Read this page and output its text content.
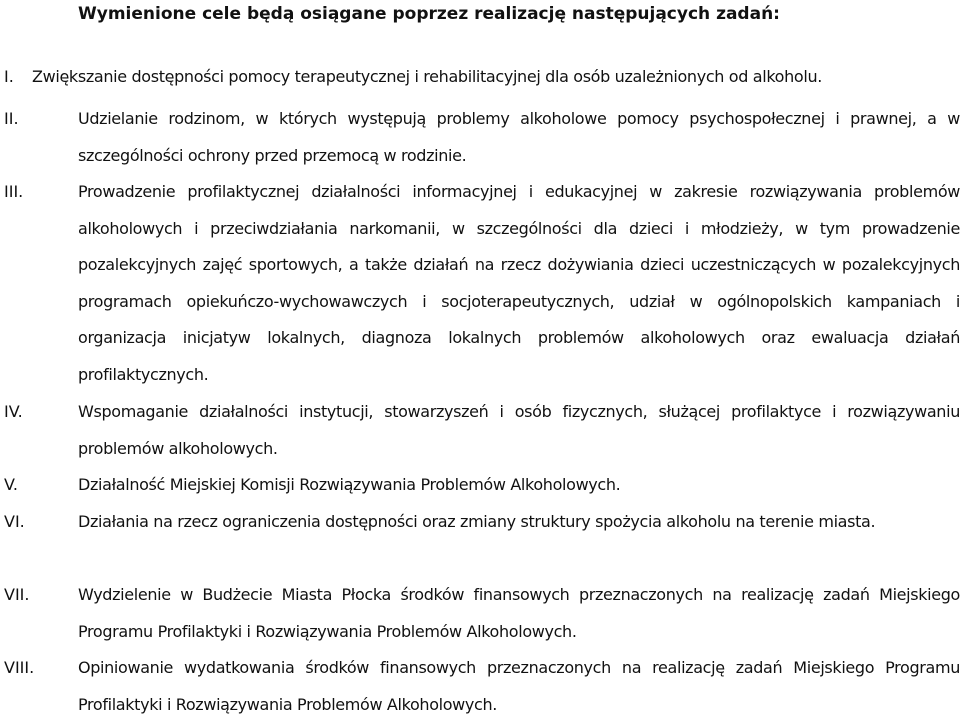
Wymienione cele będą osiągane poprzez realizację następujących zadań:
I. Zwiększanie dostępności pomocy terapeutycznej i rehabilitacyjnej dla osób uzależnionych od alkoholu.
II.	Udzielanie rodzinom, w których występują problemy alkoholowe pomocy psychospołecznej i prawnej, a w szczególności ochrony przed przemocą w rodzinie.
III.	Prowadzenie profilaktycznej działalności informacyjnej i edukacyjnej w zakresie rozwiązywania problemów alkoholowych i przeciwdziałania narkomanii, w szczególności dla dzieci i młodzieży, w tym prowadzenie pozalekcyjnych zajęć sportowych, a także działań na rzecz dożywiania dzieci uczestniczących w pozalekcyjnych programach opiekuńczo-wychowawczych i socjoterapeutycznych, udział w ogólnopolskich kampaniach i organizacja inicjatyw lokalnych, diagnoza lokalnych problemów alkoholowych oraz ewaluacja działań profilaktycznych.
IV.	Wspomaganie działalności instytucji, stowarzyszeń i osób fizycznych, służącej profilaktyce i rozwiązywaniu problemów alkoholowych.
V.	Działalność Miejskiej Komisji Rozwiązywania Problemów Alkoholowych.
VI.	Działania na rzecz ograniczenia dostępności oraz zmiany struktury spożycia alkoholu na terenie miasta.
VII.	Wydzielenie w Budżecie Miasta Płocka środków finansowych przeznaczonych na realizację zadań Miejskiego Programu Profilaktyki i Rozwiązywania Problemów Alkoholowych.
VIII.	Opiniowanie wydatkowania środków finansowych przeznaczonych na realizację zadań Miejskiego Programu Profilaktyki i Rozwiązywania Problemów Alkoholowych.
